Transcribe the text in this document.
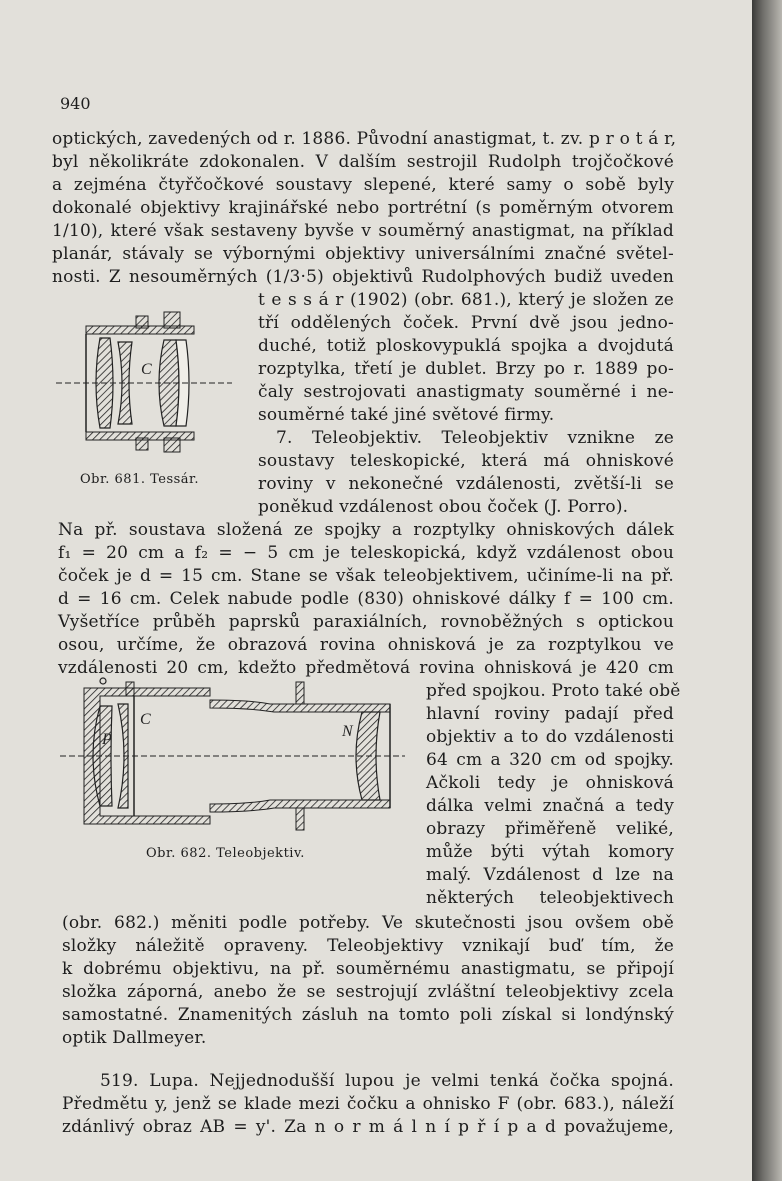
940
optických, zavedených od r. 1886. Původní anastigmat, t. zv. p r o t á r,
byl několikráte zdokonalen. V dalším sestrojil Rudolph trojčočkové
a zejména čtyřčočkové soustavy slepené, které samy o sobě byly
dokonalé objektivy krajinářské nebo portrétní (s poměrným otvorem
1/10), které však sestaveny byvše v souměrný anastigmat, na příklad
planár, stávaly se výbornými objektivy universálními značné světel-
nosti. Z nesouměrných (1/3·5) objektivů Rudolphových budiž uveden
C
Obr. 681. Tessár.
t e s s á r (1902) (obr. 681.), který je složen ze
tří oddělených čoček. První dvě jsou jedno-
duché, totiž ploskovypuklá spojka a dvojdutá
rozptylka, třetí je dublet. Brzy po r. 1889 po-
čaly sestrojovati anastigmaty souměrné i ne-
souměrné také jiné světové firmy.
7. Teleobjektiv. Teleobjektiv vznikne ze
soustavy teleskopické, která má ohniskové
roviny v nekonečné vzdálenosti, zvětší-li se
poněkud vzdálenost obou čoček (J. Porro).
Na př. soustava složená ze spojky a rozptylky ohniskových dálek
f₁ = 20 cm a f₂ = − 5 cm je teleskopická, když vzdálenost obou
čoček je d = 15 cm. Stane se však teleobjektivem, učiníme-li na př.
d = 16 cm. Celek nabude podle (830) ohniskové dálky f = 100 cm.
Vyšetříce průběh paprsků paraxiálních, rovnoběžných s optickou
osou, určíme, že obrazová rovina ohnisková je za rozptylkou ve
vzdálenosti 20 cm, kdežto předmětová rovina ohnisková je 420 cm
P
C
N
Obr. 682. Teleobjektiv.
před spojkou. Proto také obě
hlavní roviny padají před
objektiv a to do vzdálenosti
64 cm a 320 cm od spojky.
Ačkoli tedy je ohnisková
dálka velmi značná a tedy
obrazy přiměřeně veliké,
může býti výtah komory
malý. Vzdálenost d lze na
některých teleobjektivech
(obr. 682.) měniti podle potřeby. Ve skutečnosti jsou ovšem obě
složky náležitě opraveny. Teleobjektivy vznikají buď tím, že
k dobrému objektivu, na př. souměrnému anastigmatu, se připojí
složka záporná, anebo že se sestrojují zvláštní teleobjektivy zcela
samostatné. Znamenitých zásluh na tomto poli získal si londýnský
optik Dallmeyer.
519. Lupa. Nejjednodušší lupou je velmi tenká čočka spojná.
Předmětu y, jenž se klade mezi čočku a ohnisko F (obr. 683.), náleží
zdánlivý obraz AB = y'. Za n o r m á l n í p ř í p a d považujeme,
